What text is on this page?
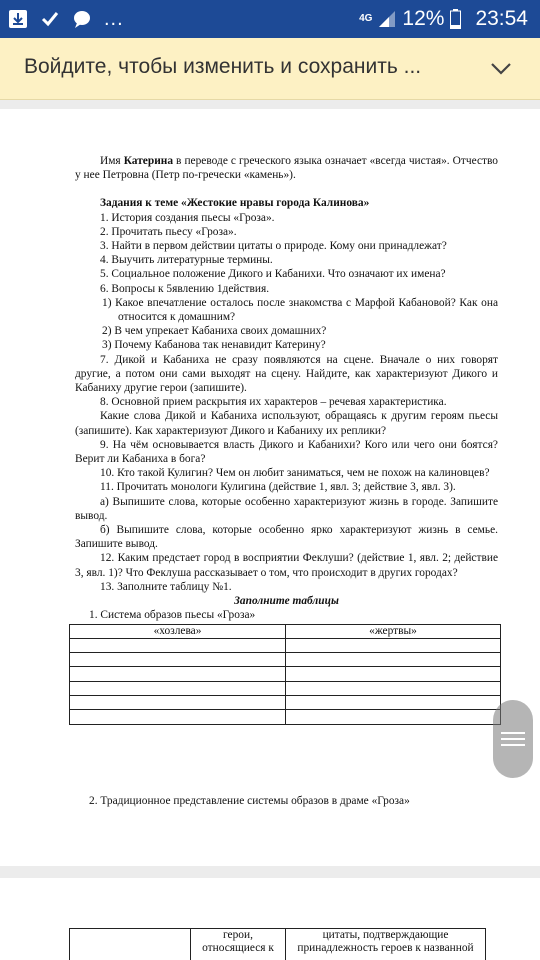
...	4G 12% 23:54
Войдите, чтобы изменить и сохранить ...

Имя Катерина в переводе с греческого языка означает «всегда чистая». Отчество у нее Петровна (Петр по-гречески «камень»).

Задания к теме «Жестокие нравы города Калинова»

1. История создания пьесы «Гроза».

2. Прочитать пьесу «Гроза».

3. Найти в первом действии цитаты о природе. Кому они принадлежат?

4. Выучить литературные термины.

5. Социальное положение Дикого и Кабанихи. Что означают их имена?

6. Вопросы к 5явлению 1действия.

1) Какое впечатление осталось после знакомства с Марфой Кабановой? Как она относится к домашним?

2) В чем упрекает Кабаниха своих домашних?

3) Почему Кабанова так ненавидит Катерину?

7. Дикой и Кабаниха не сразу появляются на сцене. Вначале о них говорят другие, а потом они сами выходят на сцену. Найдите, как характеризуют Дикого и Кабаниху другие герои (запишите).

8. Основной прием раскрытия их характеров – речевая характеристика.

Какие слова Дикой и Кабаниха используют, обращаясь к другим героям пьесы (запишите). Как характеризуют Дикого и Кабаниху их реплики?

9. На чём основывается власть Дикого и Кабанихи? Кого или чего они боятся? Верит ли Кабаниха в бога?

10. Кто такой Кулигин? Чем он любит заниматься, чем не похож на калиновцев?

11. Прочитать монологи Кулигина (действие 1, явл. 3; действие 3, явл. 3).

а) Выпишите слова, которые особенно характеризуют жизнь в городе. Запишите вывод.

б) Выпишите слова, которые особенно ярко характеризуют жизнь в семье. Запишите вывод.

12. Каким предстает город в восприятии Феклуши? (действие 1, явл. 2; действие 3, явл. 1)? Что Феклуша рассказывает о том, что происходит в других городах?

13. Заполните таблицу №1.

Заполните таблицы

1. Система образов пьесы «Гроза»

«хозлева»	«жертвы»

2. Традиционное представление системы образов в драме «Гроза»

	герои, относящиеся к	цитаты, подтверждающие принадлежность героев к названной
